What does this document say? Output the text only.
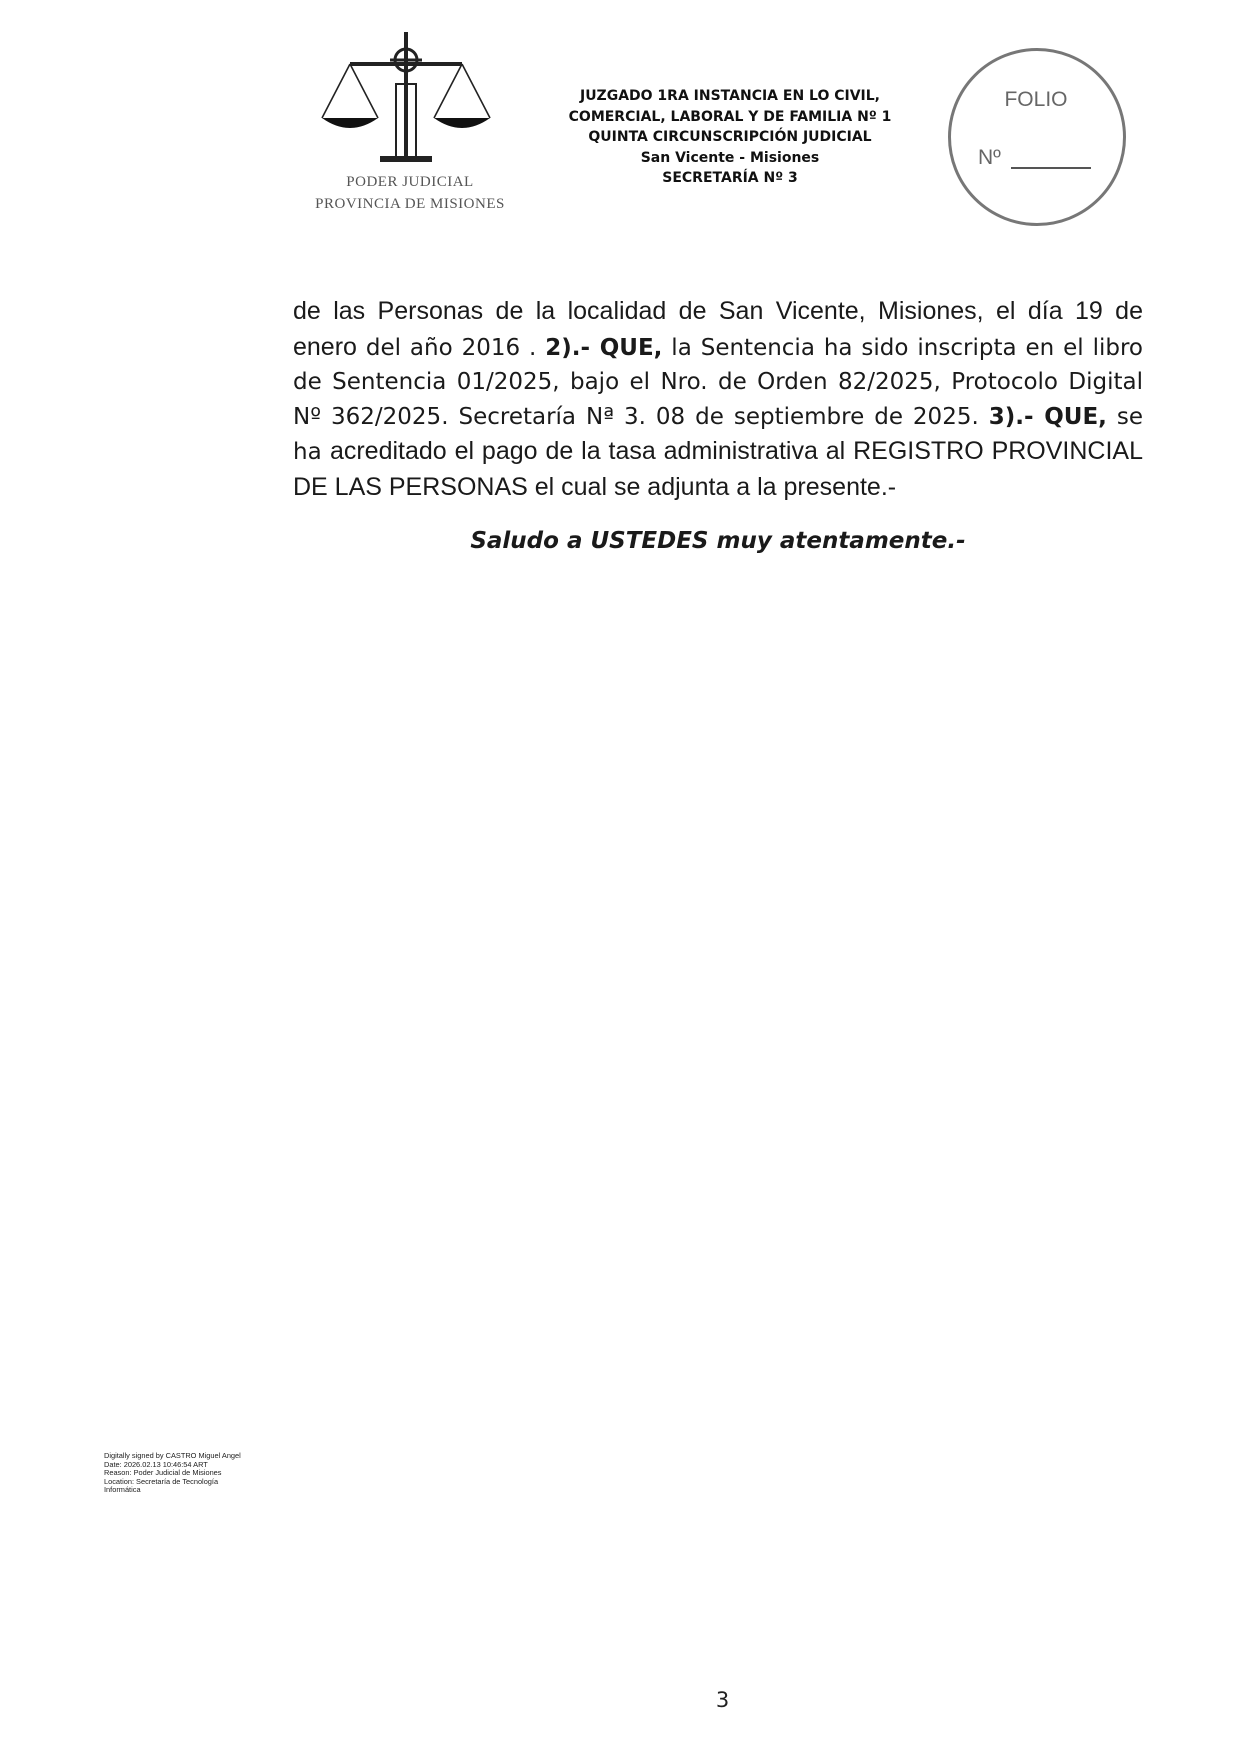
PODER JUDICIAL
PROVINCIA DE MISIONES
JUZGADO 1RA INSTANCIA EN LO CIVIL,
COMERCIAL, LABORAL Y DE FAMILIA Nº 1
QUINTA CIRCUNSCRIPCIÓN JUDICIAL
San Vicente - Misiones
SECRETARÍA Nº 3
FOLIO
Nº
de las Personas de la localidad de San Vicente, Misiones, el día 19 de enero del año 2016 . 2).- QUE, la Sentencia ha sido inscripta en el libro de Sentencia 01/2025, bajo el Nro. de Orden 82/2025, Protocolo Digital Nº 362/2025. Secretaría Nª 3. 08 de septiembre de 2025. 3).- QUE, se ha acreditado el pago de la tasa administrativa al REGISTRO PROVINCIAL DE LAS PERSONAS el cual se adjunta a la presente.-
Saludo a USTEDES muy atentamente.-
Digitally signed by CASTRO Miguel Angel
Date: 2026.02.13 10:46:54 ART
Reason: Poder Judicial de Misiones
Location: Secretaría de Tecnología
Informática
3
